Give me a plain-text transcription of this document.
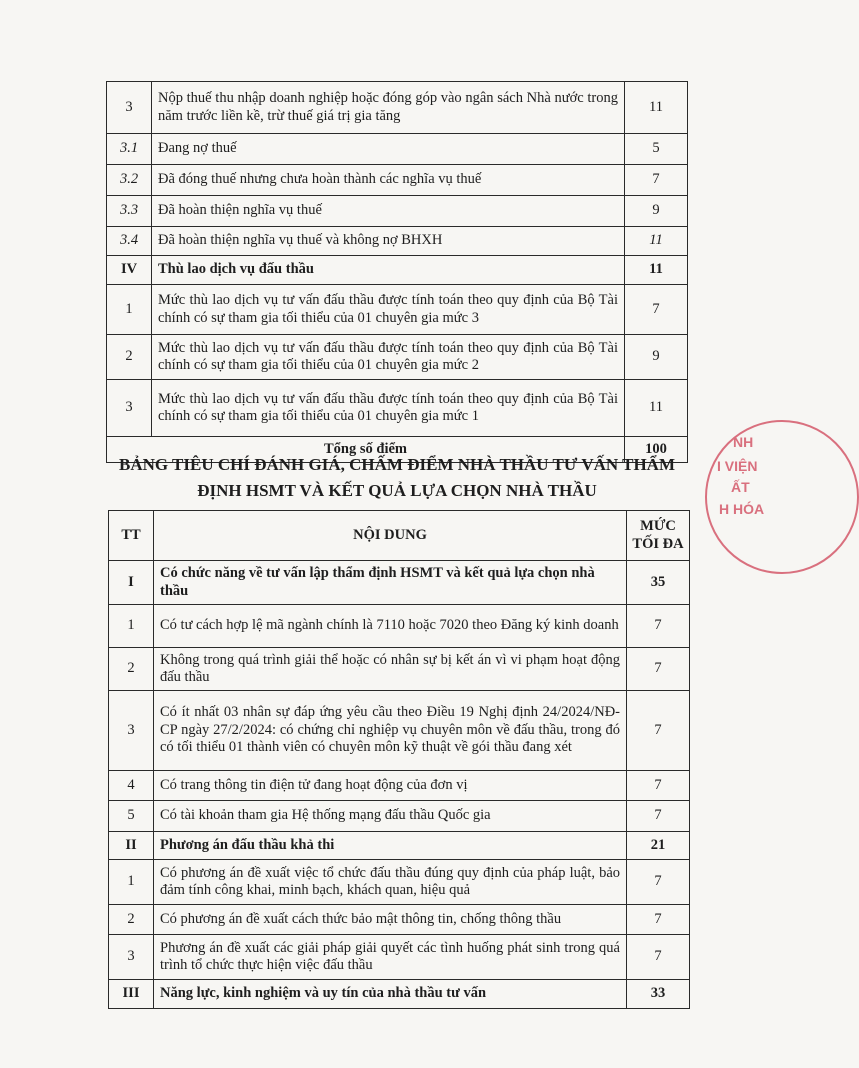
3	Nộp thuế thu nhập doanh nghiệp hoặc đóng góp vào ngân sách Nhà nước trong năm trước liền kề, trừ thuế giá trị gia tăng	11
3.1	Đang nợ thuế	5
3.2	Đã đóng thuế nhưng chưa hoàn thành các nghĩa vụ thuế	7
3.3	Đã hoàn thiện nghĩa vụ thuế	9
3.4	Đã hoàn thiện nghĩa vụ thuế và không nợ BHXH	11
IV	Thù lao dịch vụ đấu thầu	11
1	Mức thù lao dịch vụ tư vấn đấu thầu được tính toán theo quy định của Bộ Tài chính có sự tham gia tối thiểu của 01 chuyên gia mức 3	7
2	Mức thù lao dịch vụ tư vấn đấu thầu được tính toán theo quy định của Bộ Tài chính có sự tham gia tối thiểu của 01 chuyên gia mức 2	9
3	Mức thù lao dịch vụ tư vấn đấu thầu được tính toán theo quy định của Bộ Tài chính có sự tham gia tối thiểu của 01 chuyên gia mức 1	11
Tổng số điểm		100
BẢNG TIÊU CHÍ ĐÁNH GIÁ, CHẤM ĐIỂM NHÀ THẦU TƯ VẤN THẨM
ĐỊNH HSMT VÀ KẾT QUẢ LỰA CHỌN NHÀ THẦU
TT	NỘI DUNG	MỨC
TỐI ĐA
I	Có chức năng về tư vấn lập thẩm định HSMT và kết quả lựa chọn nhà thầu	35
1	Có tư cách hợp lệ mã ngành chính là 7110 hoặc 7020 theo Đăng ký kinh doanh	7
2	Không trong quá trình giải thể hoặc có nhân sự bị kết án vì vi phạm hoạt động đấu thầu	7
3	Có ít nhất 03 nhân sự đáp ứng yêu cầu theo Điều 19 Nghị định 24/2024/NĐ-CP ngày 27/2/2024: có chứng chỉ nghiệp vụ chuyên môn về đấu thầu, trong đó có tối thiểu 01 thành viên có chuyên môn kỹ thuật về gói thầu đang xét	7
4	Có trang thông tin điện tử đang hoạt động của đơn vị	7
5	Có tài khoản tham gia Hệ thống mạng đấu thầu Quốc gia	7
II	Phương án đấu thầu khả thi	21
1	Có phương án đề xuất việc tổ chức đấu thầu đúng quy định của pháp luật, bảo đảm tính công khai, minh bạch, khách quan, hiệu quả	7
2	Có phương án đề xuất cách thức bảo mật thông tin, chống thông thầu	7
3	Phương án đề xuất các giải pháp giải quyết các tình huống phát sinh trong quá trình tổ chức thực hiện việc đấu thầu	7
III	Năng lực, kinh nghiệm và uy tín của nhà thầu tư vấn	33
NH
I VIỆN
ẤT
H HÓA
